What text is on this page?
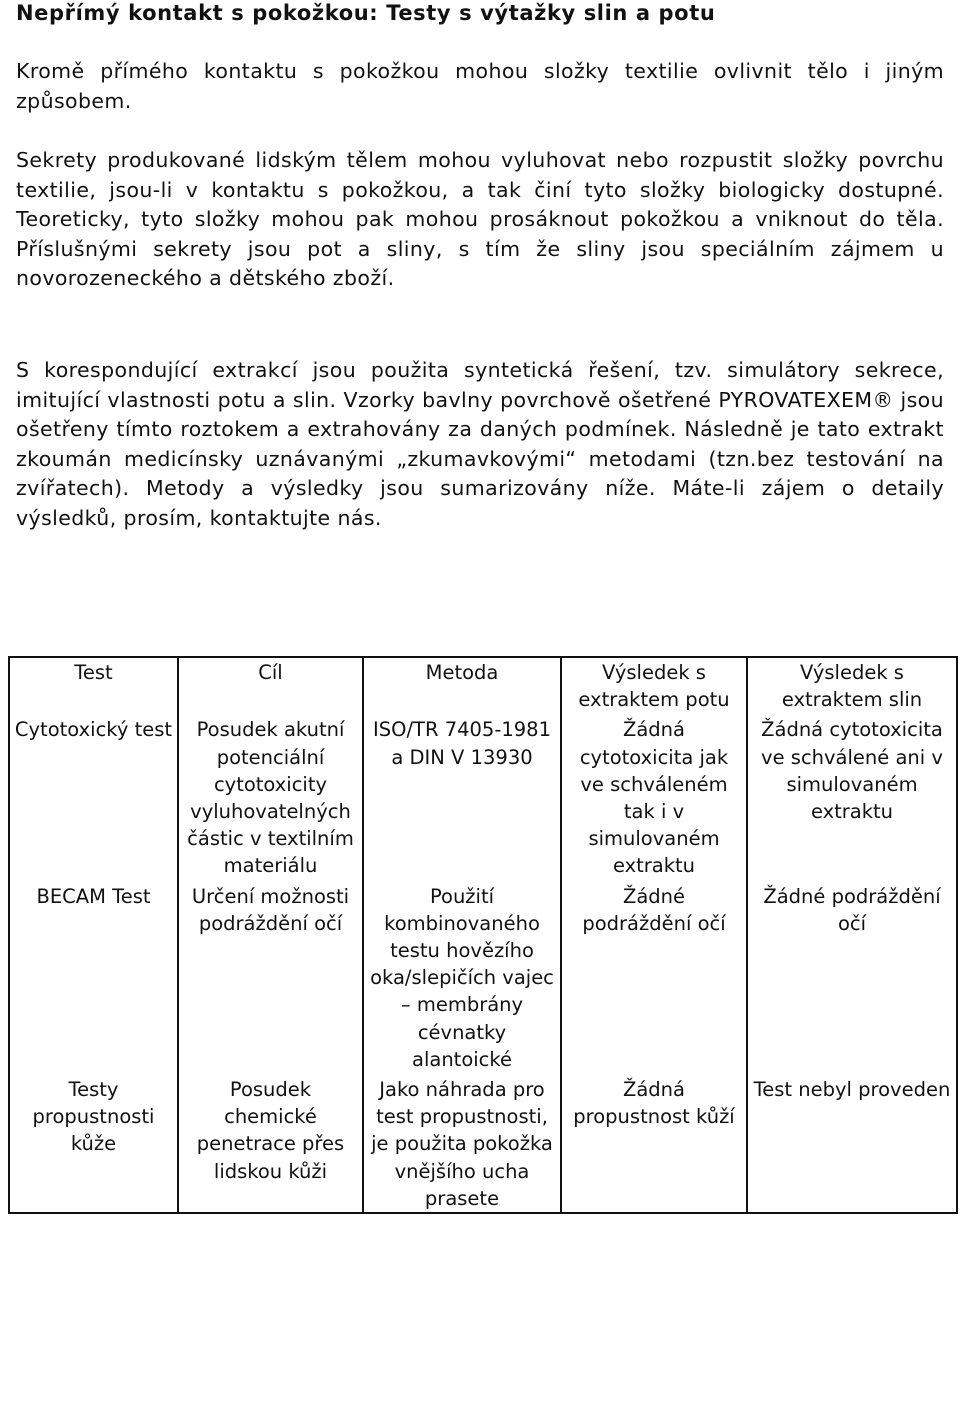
Nepřímý kontakt s pokožkou: Testy s výtažky slin a potu

Kromě přímého kontaktu s pokožkou mohou složky textilie ovlivnit tělo i jiným způsobem.

Sekrety produkované lidským tělem mohou vyluhovat nebo rozpustit složky povrchu textilie, jsou-li v kontaktu s pokožkou, a tak činí tyto složky biologicky dostupné. Teoreticky, tyto složky mohou pak mohou prosáknout pokožkou a vniknout do těla. Příslušnými sekrety jsou pot a sliny, s tím že sliny jsou speciálním zájmem u novorozeneckého a dětského zboží.

S korespondující extrakcí jsou použita syntetická řešení, tzv. simulátory sekrece, imitující vlastnosti potu a slin. Vzorky bavlny povrchově ošetřené PYROVATEXEM® jsou ošetřeny tímto roztokem a extrahovány za daných podmínek. Následně je tato extrakt zkoumán medicínsky uznávanými „zkumavkovými“ metodami (tzn.bez testování na zvířatech). Metody a výsledky jsou sumarizovány níže. Máte-li zájem o detaily výsledků, prosím, kontaktujte nás.

Test	Cíl	Metoda	Výsledek s extraktem potu	Výsledek s extraktem slin
Cytotoxický test	Posudek akutní potenciální cytotoxicity vyluhovatelných částic v textilním materiálu	ISO/TR 7405-1981 a DIN V 13930	Žádná cytotoxicita jak ve schváleném tak i v simulovaném extraktu	Žádná cytotoxicita ve schválené ani v simulovaném extraktu
BECAM Test	Určení možnosti podráždění očí	Použití kombinovaného testu hovězího oka/slepičích vajec – membrány cévnatky alantoické	Žádné podráždění očí	Žádné podráždění očí
Testy propustnosti kůže	Posudek chemické penetrace přes lidskou kůži	Jako náhrada pro test propustnosti, je použita pokožka vnějšího ucha prasete	Žádná propustnost kůží	Test nebyl proveden
